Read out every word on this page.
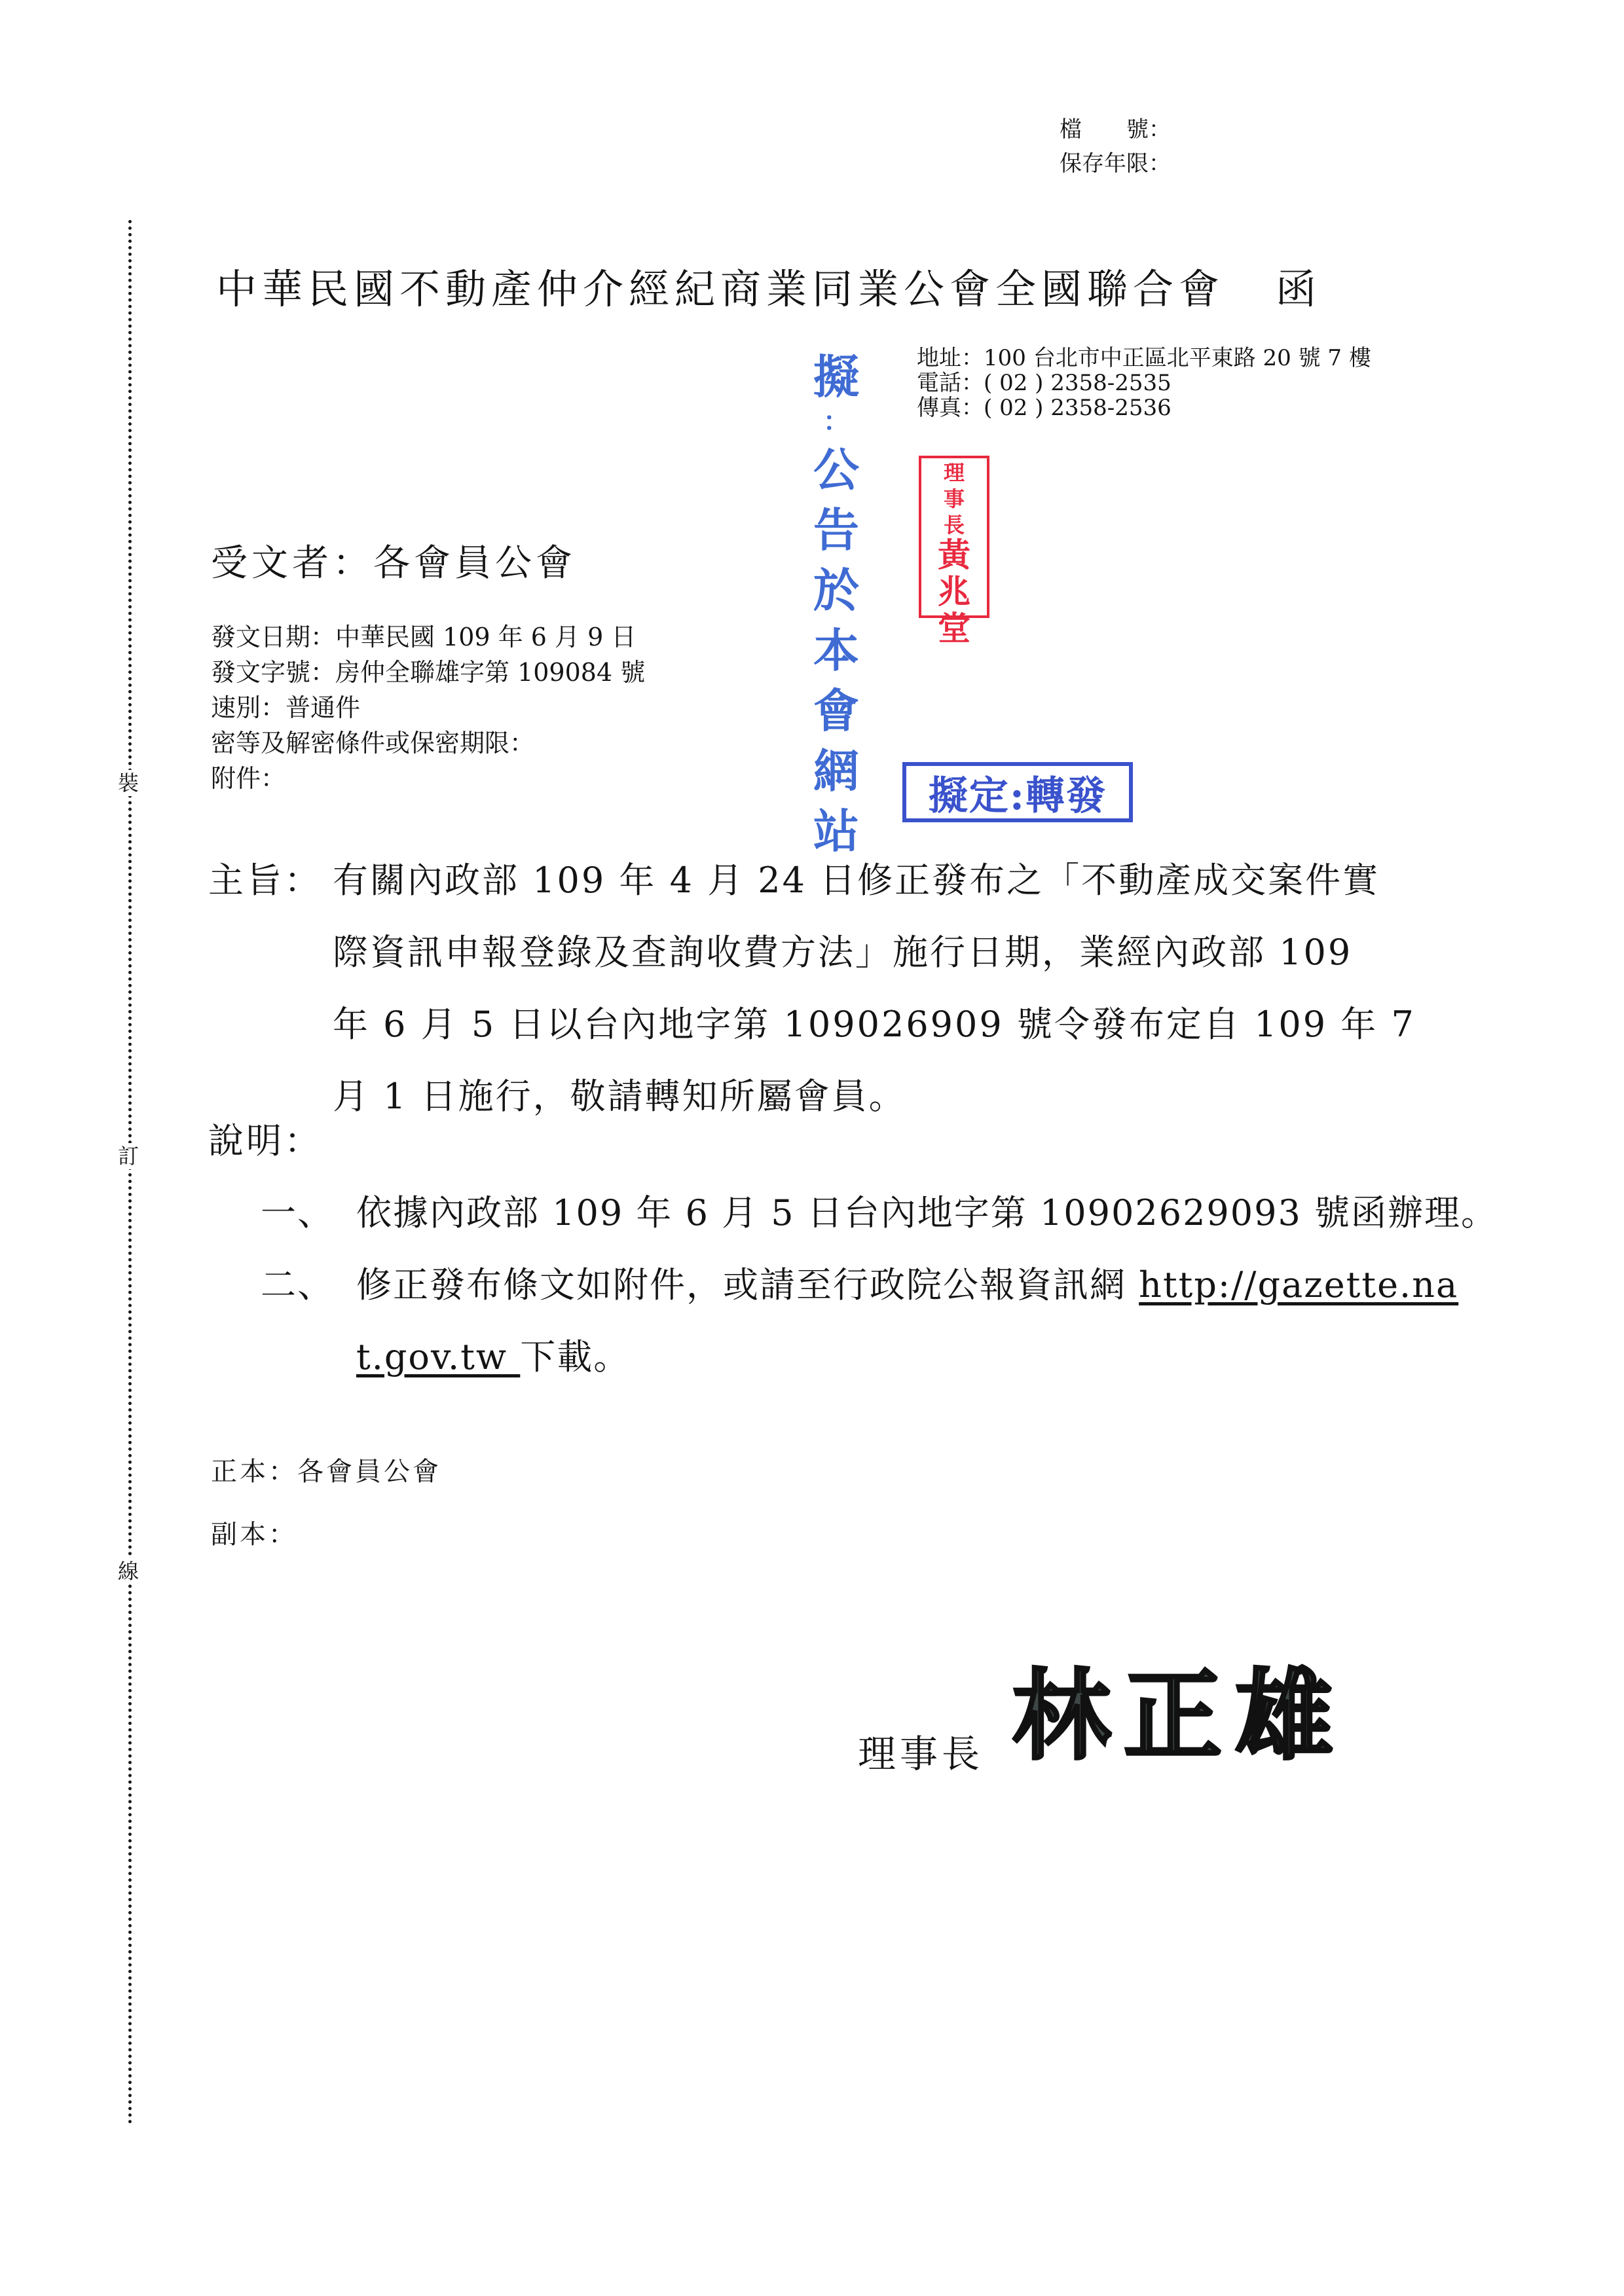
裝
訂
線
檔　　號：
保存年限：
中華民國不動產仲介經紀商業同業公會全國聯合會 函
地址：100 台北市中正區北平東路 20 號 7 樓
電話：( 02 ) 2358-2535
傳真：( 02 ) 2358-2536
擬
：
公
告
於
本
會
網
站
理
事
長
黃
兆
堂
擬定:轉發
受文者：各會員公會
發文日期：中華民國 109 年 6 月 9 日
發文字號：房仲全聯雄字第 109084 號
速別：普通件
密等及解密條件或保密期限：
附件：
主旨： 有關內政部 109 年 4 月 24 日修正發布之「不動產成交案件實
際資訊申報登錄及查詢收費方法」施行日期，業經內政部 109
年 6 月 5 日以台內地字第 109026909 號令發布定自 109 年 7
月 1 日施行，敬請轉知所屬會員。
說明：
一、 依據內政部 109 年 6 月 5 日台內地字第 10902629093 號函辦理。
二、 修正發布條文如附件，或請至行政院公報資訊網 http://gazette.na
t.gov.tw 下載。
正本：各會員公會
副本：
理事長 林正雄
